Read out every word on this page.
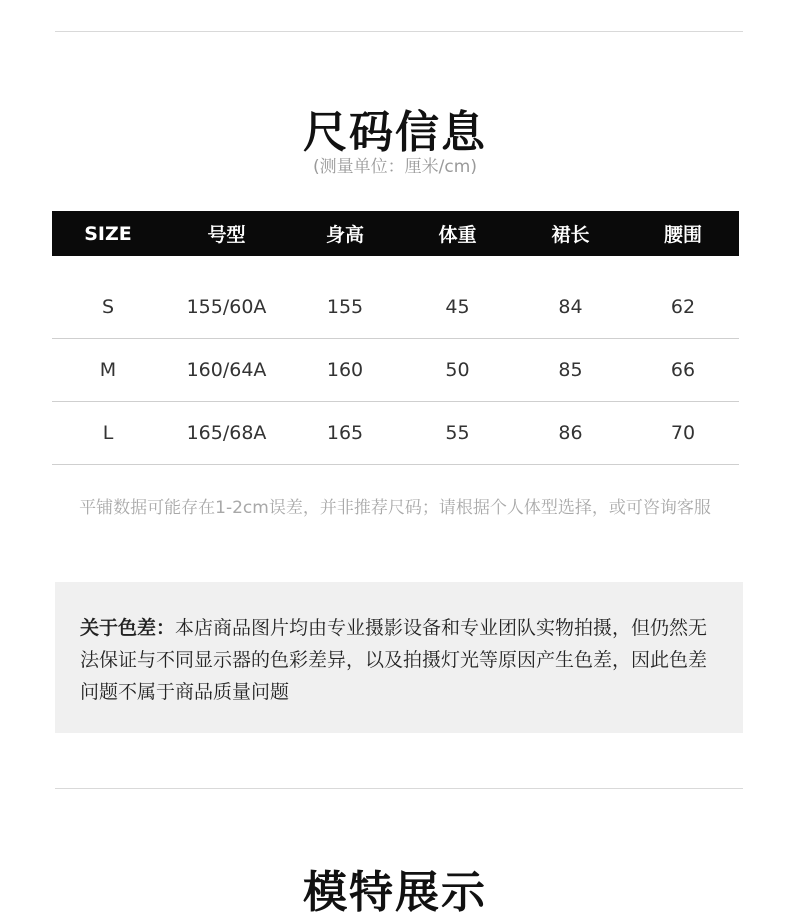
尺码信息
(测量单位：厘米/cm)
SIZE	号型	身高	体重	裙长	腰围
S	155/60A	155	45	84	62
M	160/64A	160	50	85	66
L	165/68A	165	55	86	70
平铺数据可能存在1-2cm误差，并非推荐尺码；请根据个人体型选择，或可咨询客服
关于色差：本店商品图片均由专业摄影设备和专业团队实物拍摄，但仍然无法保证与不同显示器的色彩差异，以及拍摄灯光等原因产生色差，因此色差问题不属于商品质量问题
模特展示
